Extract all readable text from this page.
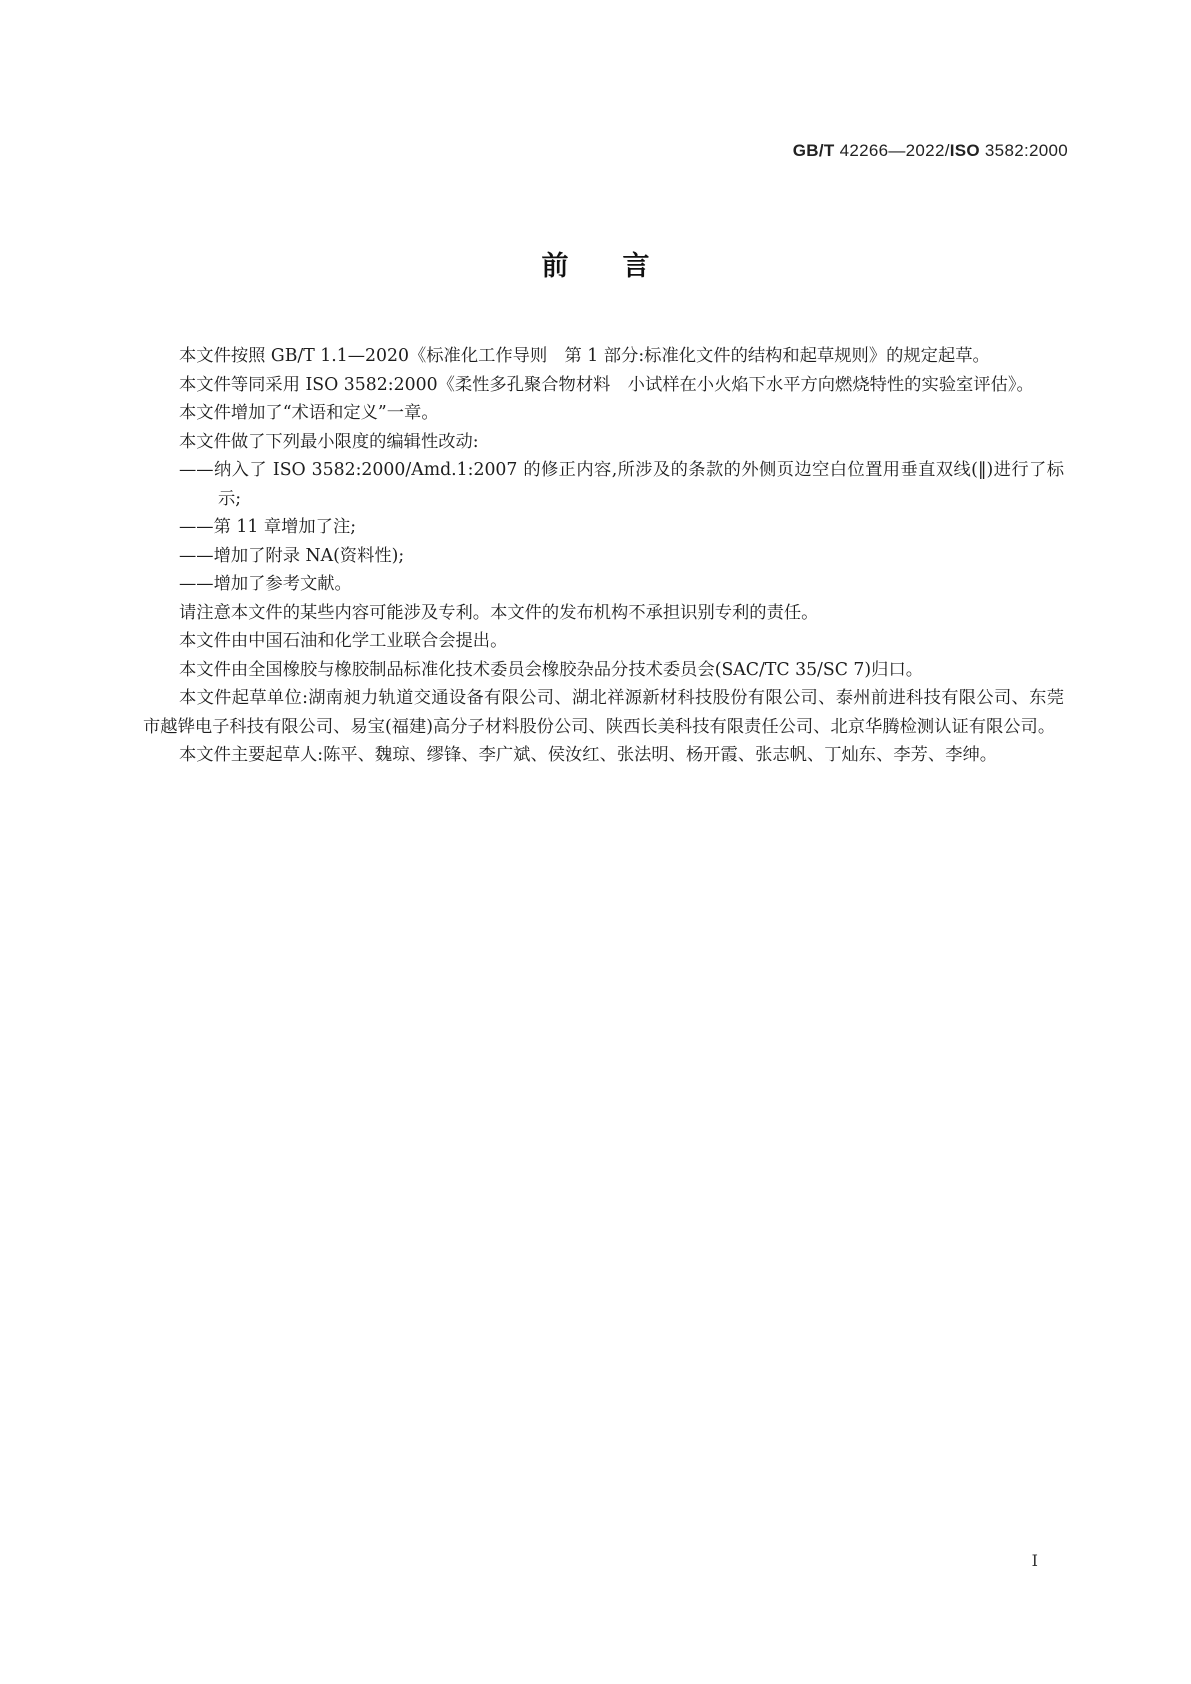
GB/T 42266—2022/ISO 3582:2000
前言

本文件按照 GB/T 1.1—2020《标准化工作导则　第 1 部分:标准化文件的结构和起草规则》的规定起草。

本文件等同采用 ISO 3582:2000《柔性多孔聚合物材料　小试样在小火焰下水平方向燃烧特性的实验室评估》。

本文件增加了“术语和定义”一章。

本文件做了下列最小限度的编辑性改动:

——纳入了 ISO 3582:2000/Amd.1:2007 的修正内容,所涉及的条款的外侧页边空白位置用垂直双线(‖)进行了标示;

——第 11 章增加了注;

——增加了附录 NA(资料性);

——增加了参考文献。

请注意本文件的某些内容可能涉及专利。本文件的发布机构不承担识别专利的责任。

本文件由中国石油和化学工业联合会提出。

本文件由全国橡胶与橡胶制品标准化技术委员会橡胶杂品分技术委员会(SAC/TC 35/SC 7)归口。

本文件起草单位:湖南昶力轨道交通设备有限公司、湖北祥源新材科技股份有限公司、泰州前进科技有限公司、东莞市越铧电子科技有限公司、易宝(福建)高分子材料股份公司、陕西长美科技有限责任公司、北京华腾检测认证有限公司。

本文件主要起草人:陈平、魏琼、缪锋、李广斌、侯汝红、张法明、杨开霞、张志帆、丁灿东、李芳、李绅。

I
